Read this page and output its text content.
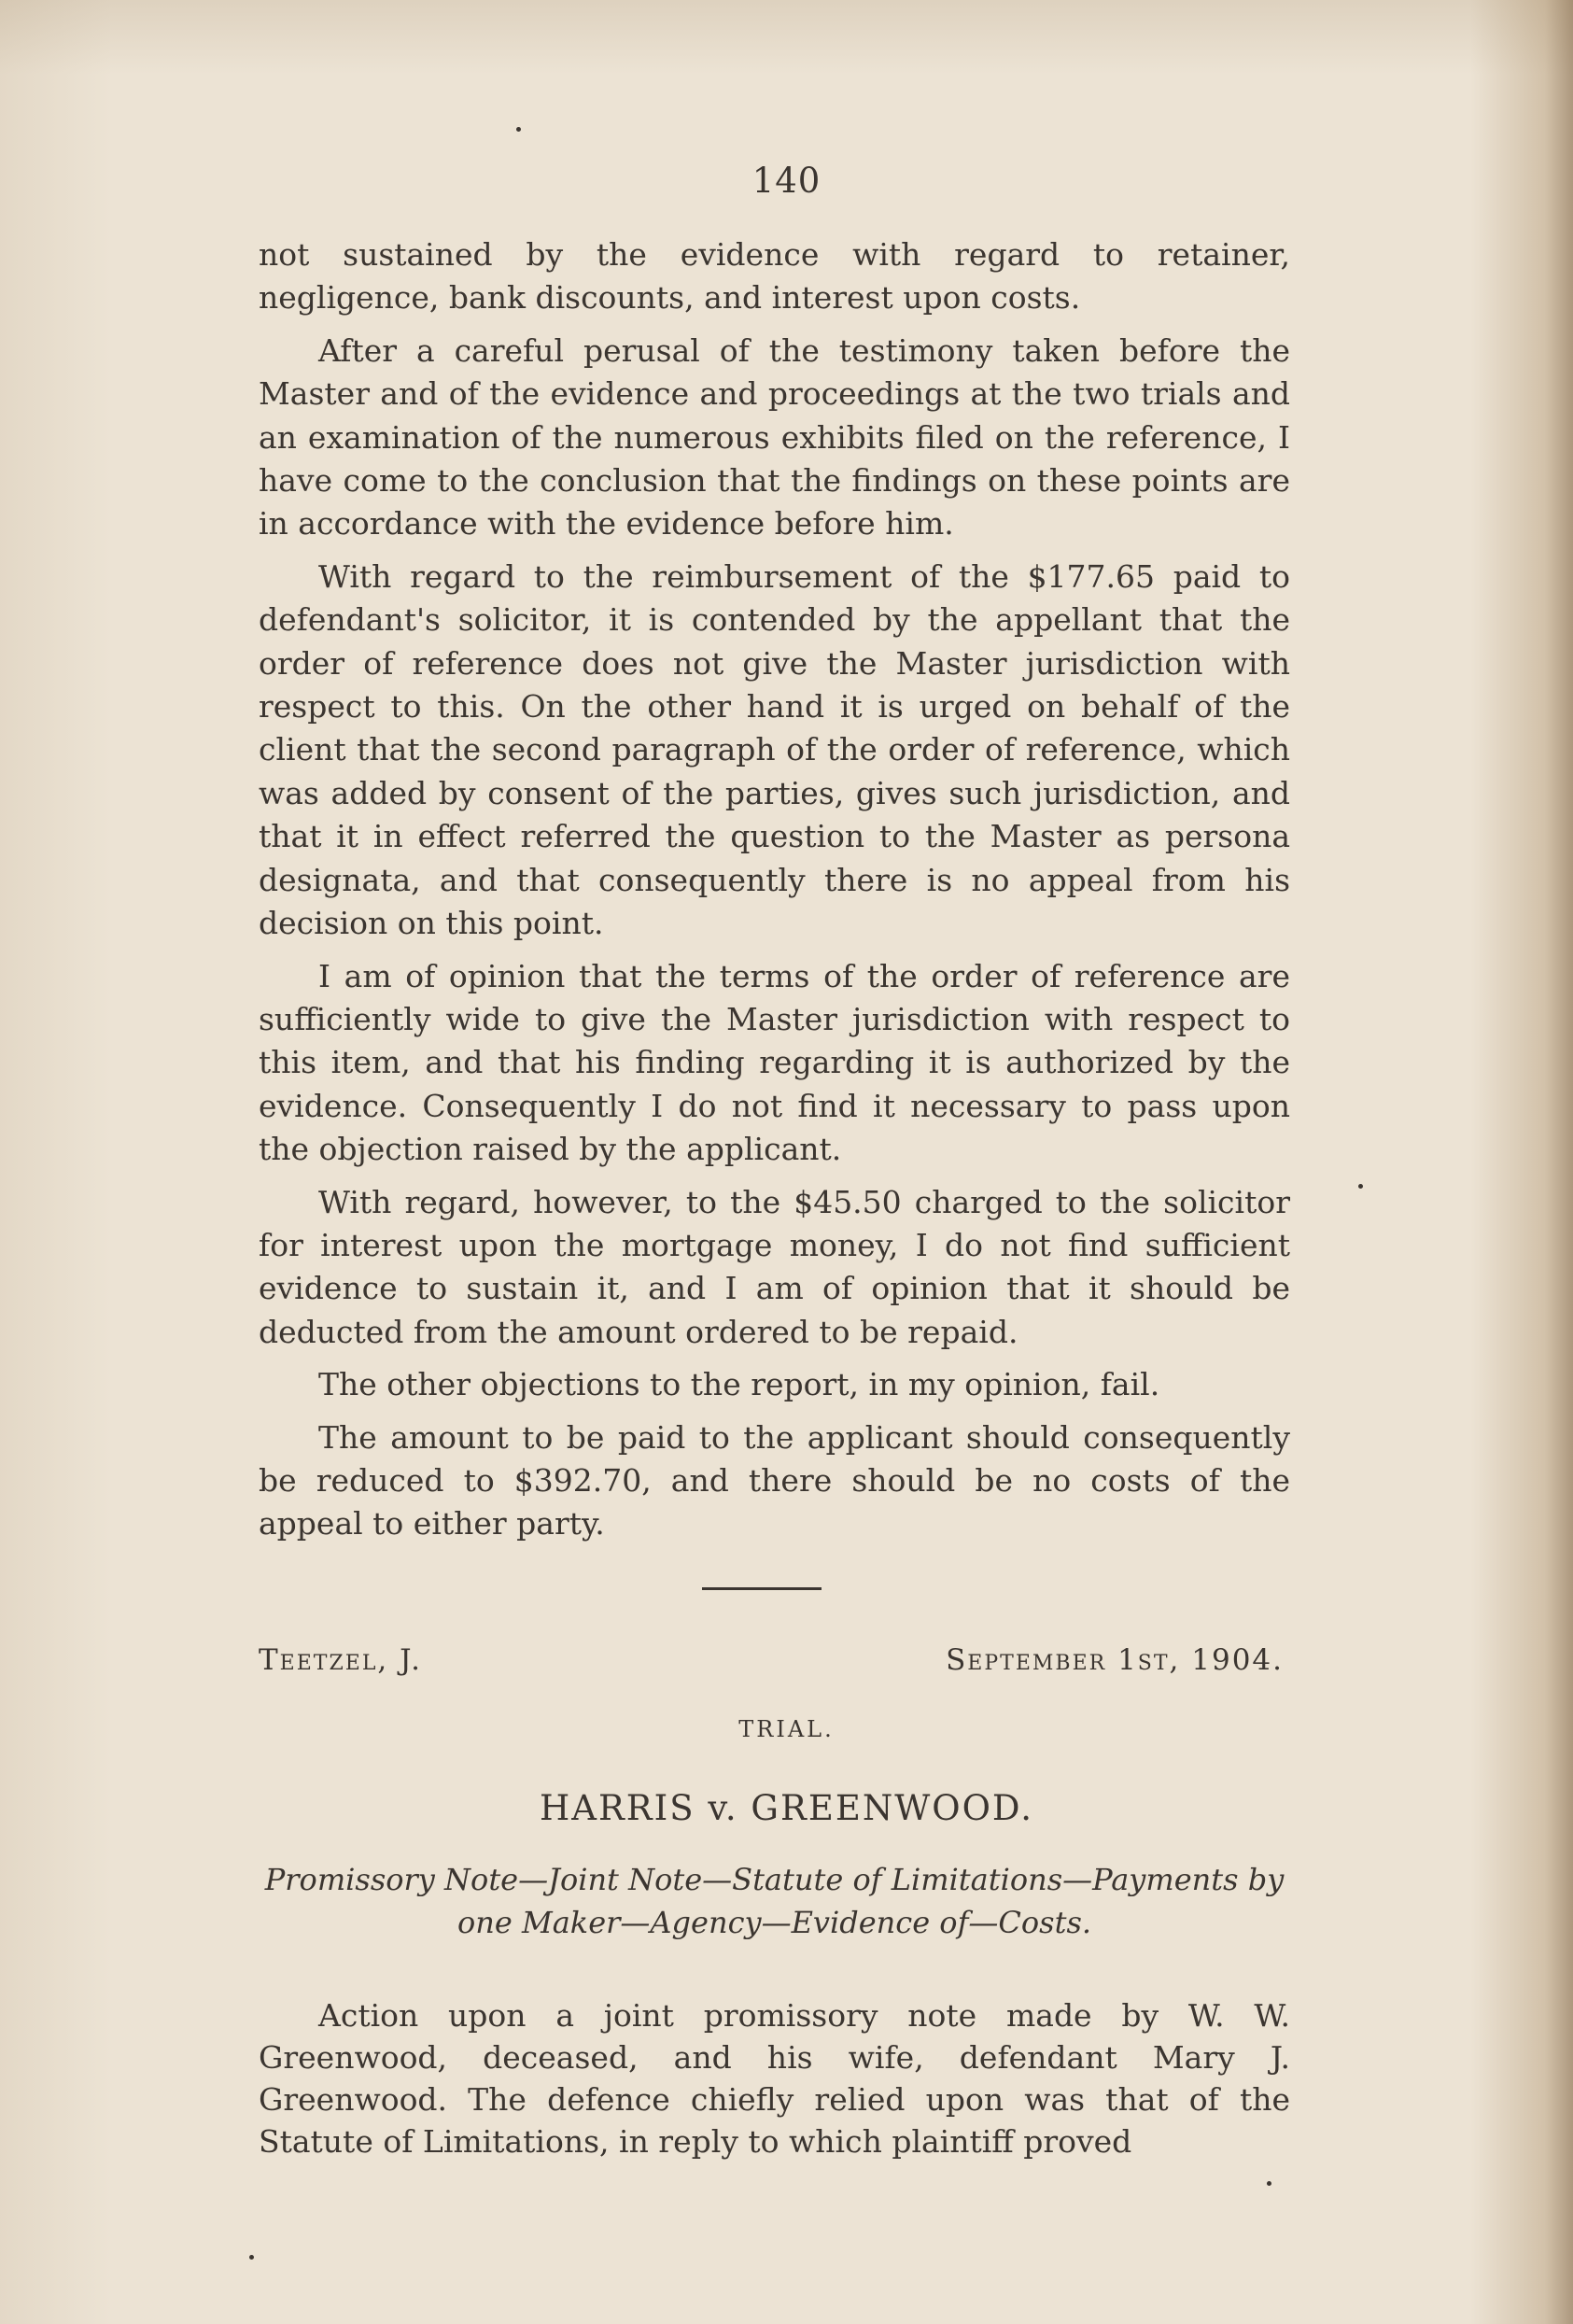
140

not sustained by the evidence with regard to retainer, negligence, bank discounts, and interest upon costs.

After a careful perusal of the testimony taken before the Master and of the evidence and proceedings at the two trials and an examination of the numerous exhibits filed on the reference, I have come to the conclusion that the findings on these points are in accordance with the evidence before him.

With regard to the reimbursement of the $177.65 paid to defendant's solicitor, it is contended by the appellant that the order of reference does not give the Master jurisdiction with respect to this. On the other hand it is urged on behalf of the client that the second paragraph of the order of reference, which was added by consent of the parties, gives such jurisdiction, and that it in effect referred the question to the Master as persona designata, and that consequently there is no appeal from his decision on this point.

I am of opinion that the terms of the order of reference are sufficiently wide to give the Master jurisdiction with respect to this item, and that his finding regarding it is authorized by the evidence. Consequently I do not find it necessary to pass upon the objection raised by the applicant.

With regard, however, to the $45.50 charged to the solicitor for interest upon the mortgage money, I do not find sufficient evidence to sustain it, and I am of opinion that it should be deducted from the amount ordered to be repaid.

The other objections to the report, in my opinion, fail.

The amount to be paid to the applicant should consequently be reduced to $392.70, and there should be no costs of the appeal to either party.

Teetzel, J.	September 1st, 1904.
TRIAL.
HARRIS v. GREENWOOD.
Promissory Note—Joint Note—Statute of Limitations—Payments by one Maker—Agency—Evidence of—Costs.

Action upon a joint promissory note made by W. W. Greenwood, deceased, and his wife, defendant Mary J. Greenwood. The defence chiefly relied upon was that of the Statute of Limitations, in reply to which plaintiff proved
